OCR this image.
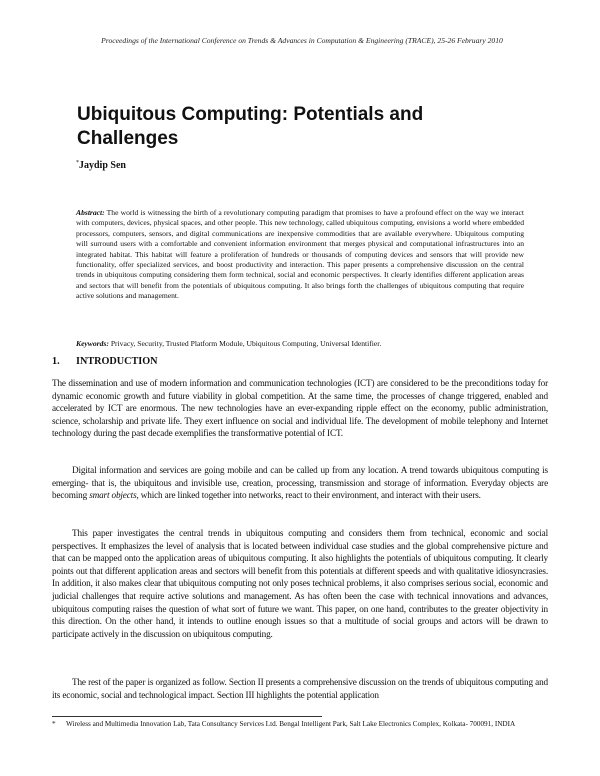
Proceedings of the International Conference on Trends & Advances in Computation & Engineering (TRACE), 25-26 February 2010
Ubiquitous Computing: Potentials and Challenges
*Jaydip Sen
Abstract: The world is witnessing the birth of a revolutionary computing paradigm that promises to have a profound effect on the way we interact with computers, devices, physical spaces, and other people. This new technology, called ubiquitous computing, envisions a world where embedded processors, computers, sensors, and digital communications are inexpensive commodities that are available everywhere. Ubiquitous computing will surround users with a comfortable and convenient information environment that merges physical and computational infrastructures into an integrated habitat. This habitat will feature a proliferation of hundreds or thousands of computing devices and sensors that will provide new functionality, offer specialized services, and boost productivity and interaction. This paper presents a comprehensive discussion on the central trends in ubiquitous computing considering them form technical, social and economic perspectives. It clearly identifies different application areas and sectors that will benefit from the potentials of ubiquitous computing. It also brings forth the challenges of ubiquitous computing that require active solutions and management.
Keywords: Privacy, Security, Trusted Platform Module, Ubiquitous Computing, Universal Identifier.
1. INTRODUCTION

The dissemination and use of modern information and communication technologies (ICT) are considered to be the preconditions today for dynamic economic growth and future viability in global competition. At the same time, the processes of change triggered, enabled and accelerated by ICT are enormous. The new technologies have an ever-expanding ripple effect on the economy, public administration, science, scholarship and private life. They exert influence on social and individual life. The development of mobile telephony and Internet technology during the past decade exemplifies the transformative potential of ICT.

Digital information and services are going mobile and can be called up from any location. A trend towards ubiquitous computing is emerging- that is, the ubiquitous and invisible use, creation, processing, transmission and storage of information. Everyday objects are becoming smart objects, which are linked together into networks, react to their environment, and interact with their users.

This paper investigates the central trends in ubiquitous computing and considers them from technical, economic and social perspectives. It emphasizes the level of analysis that is located between individual case studies and the global comprehensive picture and that can be mapped onto the application areas of ubiquitous computing. It also highlights the potentials of ubiquitous computing. It clearly points out that different application areas and sectors will benefit from this potentials at different speeds and with qualitative idiosyncrasies. In addition, it also makes clear that ubiquitous computing not only poses technical problems, it also comprises serious social, economic and judicial challenges that require active solutions and management. As has often been the case with technical innovations and advances, ubiquitous computing raises the question of what sort of future we want. This paper, on one hand, contributes to the greater objectivity in this direction. On the other hand, it intends to outline enough issues so that a multitude of social groups and actors will be drawn to participate actively in the discussion on ubiquitous computing.

The rest of the paper is organized as follow. Section II presents a comprehensive discussion on the trends of ubiquitous computing and its economic, social and technological impact. Section III highlights the potential application

* Wireless and Multimedia Innovation Lab, Tata Consultancy Services Ltd. Bengal Intelligent Park, Salt Lake Electronics Complex, Kolkata- 700091, INDIA
